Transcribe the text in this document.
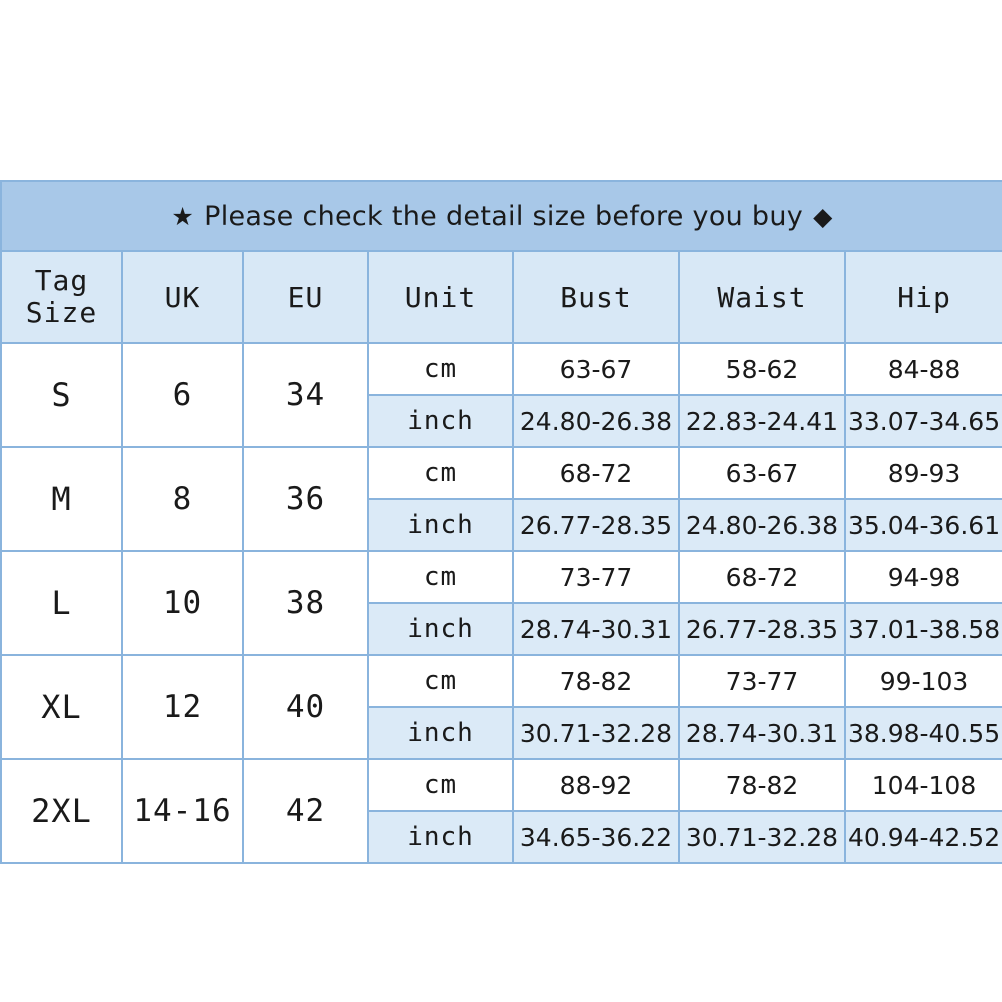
★ Please check the detail size before you buy ◆						

Tag
Size	UK	EU	Unit	Bust	Waist	Hip
S	6	34	cm	63-67	58-62	84-88
			inch	24.80-26.38	22.83-24.41	33.07-34.65
M	8	36	cm	68-72	63-67	89-93
			inch	26.77-28.35	24.80-26.38	35.04-36.61
L	10	38	cm	73-77	68-72	94-98
			inch	28.74-30.31	26.77-28.35	37.01-38.58
XL	12	40	cm	78-82	73-77	99-103
			inch	30.71-32.28	28.74-30.31	38.98-40.55
2XL	14-16	42	cm	88-92	78-82	104-108
			inch	34.65-36.22	30.71-32.28	40.94-42.52
